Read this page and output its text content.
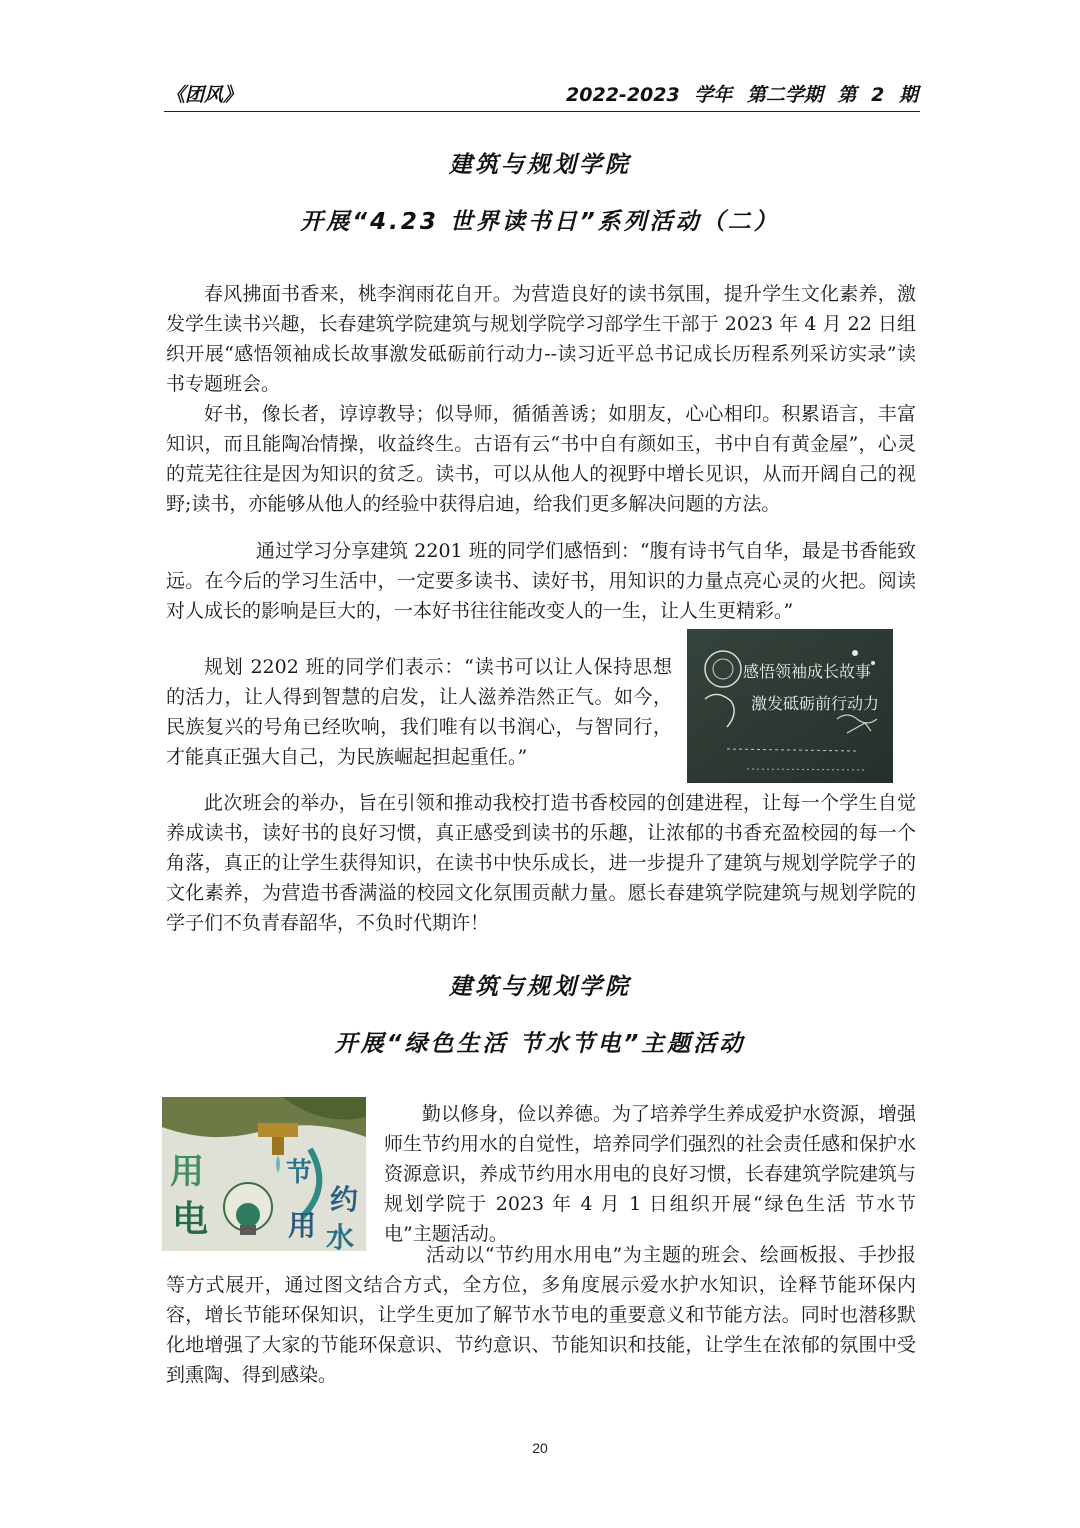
《团风》	2022-2023 学年 第二学期 第 2 期
建筑与规划学院
开展“4.23 世界读书日”系列活动（二）

春风拂面书香来，桃李润雨花自开。为营造良好的读书氛围，提升学生文化素养，激发学生读书兴趣，长春建筑学院建筑与规划学院学习部学生干部于 2023 年 4 月 22 日组织开展“感悟领袖成长故事激发砥砺前行动力--读习近平总书记成长历程系列采访实录”读书专题班会。

好书，像长者，谆谆教导；似导师，循循善诱；如朋友，心心相印。积累语言，丰富知识，而且能陶冶情操，收益终生。古语有云“书中自有颜如玉，书中自有黄金屋”，心灵的荒芜往往是因为知识的贫乏。读书，可以从他人的视野中增长见识，从而开阔自己的视野;读书，亦能够从他人的经验中获得启迪，给我们更多解决问题的方法。

通过学习分享建筑 2201 班的同学们感悟到：“腹有诗书气自华，最是书香能致远。在今后的学习生活中，一定要多读书、读好书，用知识的力量点亮心灵的火把。阅读对人成长的影响是巨大的，一本好书往往能改变人的一生，让人生更精彩。”

规划 2202 班的同学们表示：“读书可以让人保持思想的活力，让人得到智慧的启发，让人滋养浩然正气。如今，民族复兴的号角已经吹响，我们唯有以书润心，与智同行，才能真正强大自己，为民族崛起担起重任。”

感悟领袖成长故事
激发砥砺前行动力

此次班会的举办，旨在引领和推动我校打造书香校园的创建进程，让每一个学生自觉养成读书，读好书的良好习惯，真正感受到读书的乐趣，让浓郁的书香充盈校园的每一个角落，真正的让学生获得知识，在读书中快乐成长，进一步提升了建筑与规划学院学子的文化素养，为营造书香满溢的校园文化氛围贡献力量。愿长春建筑学院建筑与规划学院的学子们不负青春韶华，不负时代期许！

建筑与规划学院
开展“绿色生活 节水节电”主题活动
用
电
节
约
用 水

勤以修身，俭以养德。为了培养学生养成爱护水资源，增强师生节约用水的自觉性，培养同学们强烈的社会责任感和保护水资源意识，养成节约用水用电的良好习惯，长春建筑学院建筑与规划学院于 2023 年 4 月 1 日组织开展“绿色生活 节水节电”主题活动。

活动以“节约用水用电”为主题的班会、绘画板报、手抄报等方式展开，通过图文结合方式，全方位，多角度展示爱水护水知识，诠释节能环保内容，增长节能环保知识，让学生更加了解节水节电的重要意义和节能方法。同时也潜移默化地增强了大家的节能环保意识、节约意识、节能知识和技能，让学生在浓郁的氛围中受到熏陶、得到感染。

20
